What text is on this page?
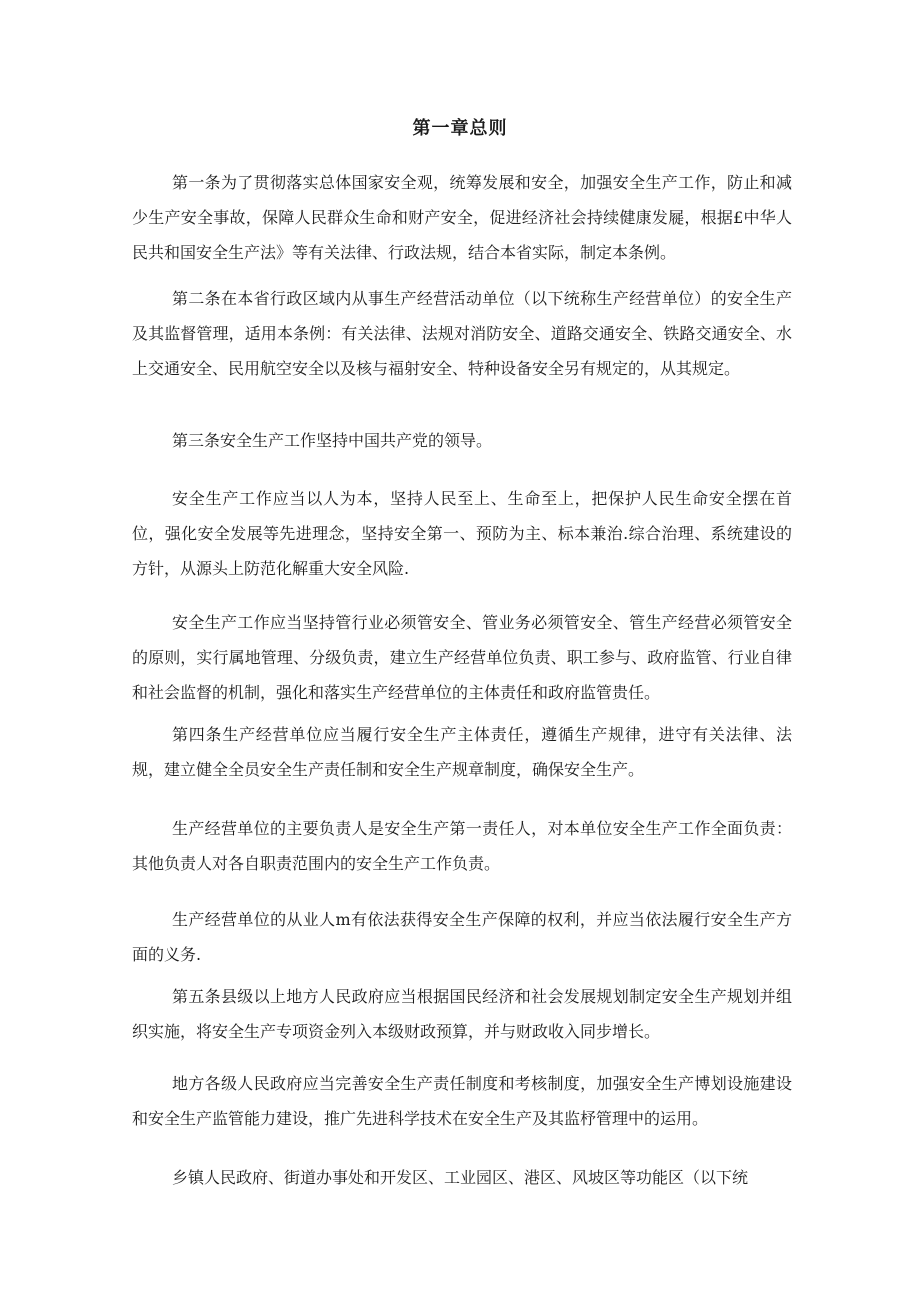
第一章总则
第一条为了贯彻落实总体国家安全观，统筹发展和安全，加强安全生产工作，防止和减少生产安全事故，保障人民群众生命和财产安全，促进经济社会持续健康发屣，根据£中华人民共和国安全生产法》等有关法律、行政法规，结合本省实际，制定本条例。
第二条在本省行政区域内从事生产经营活动单位（以下统称生产经营单位）的安全生产及其监督管理，适用本条例：有关法律、法规对消防安全、道路交通安全、铁路交通安全、水上交通安全、民用航空安全以及核与福射安全、特种设备安全另有规定的，从其规定。
第三条安全生产工作坚持中国共产党的领导。
安全生产工作应当以人为本，坚持人民至上、生命至上，把保护人民生命安全摆在首位，强化安全发展等先进理念，坚持安全第一、预防为主、标本兼治.综合治理、系统建设的方针，从源头上防范化解重大安全风险.
安全生产工作应当坚持管行业必须管安全、管业务必须管安全、管生产经营必须管安全的原则，实行属地管理、分级负责，建立生产经营单位负责、职工参与、政府监管、行业自律和社会监督的机制，强化和落实生产经营单位的主体责任和政府监管贵任。
第四条生产经营单位应当履行安全生产主体责任，遵循生产规律，进守有关法律、法规，建立健全全员安全生产责任制和安全生产规章制度，确保安全生产。
生产经营单位的主要负责人是安全生产第一责任人，对本单位安全生产工作全面负责：其他负责人对各自职责范围内的安全生产工作负责。
生产经营单位的从业人m有依法获得安全生产保障的权利，并应当依法履行安全生产方面的义务.
第五条县级以上地方人民政府应当根据国民经济和社会发展规划制定安全生产规划并组织实施，将安全生产专项资金列入本级财政预算，并与财政收入同步增长。
地方各级人民政府应当完善安全生产责任制度和考核制度，加强安全生产博划设施建设和安全生产监管能力建设，推广先进科学技术在安全生产及其监杼管理中的运用。
乡镇人民政府、街道办事处和开发区、工业园区、港区、风坡区等功能区（以下统
